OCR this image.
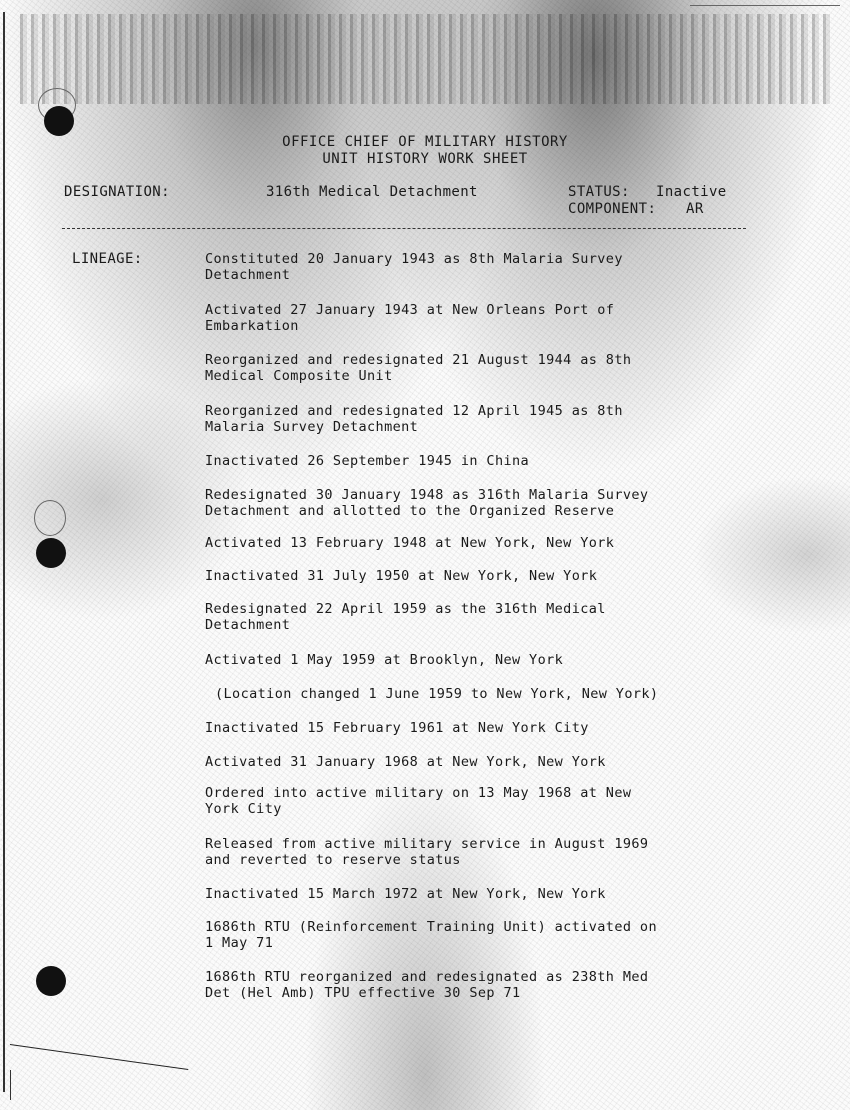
OFFICE CHIEF OF MILITARY HISTORY
UNIT HISTORY WORK SHEET
DESIGNATION:	316th Medical Detachment	STATUS: Inactive
COMPONENT: AR
LINEAGE:	Constituted 20 January 1943 as 8th Malaria Survey
Detachment
Activated 27 January 1943 at New Orleans Port of
Embarkation
Reorganized and redesignated 21 August 1944 as 8th
Medical Composite Unit
Reorganized and redesignated 12 April 1945 as 8th
Malaria Survey Detachment
Inactivated 26 September 1945 in China
Redesignated 30 January 1948 as 316th Malaria Survey
Detachment and allotted to the Organized Reserve
Activated 13 February 1948 at New York, New York
Inactivated 31 July 1950 at New York, New York
Redesignated 22 April 1959 as the 316th Medical
Detachment
Activated 1 May 1959 at Brooklyn, New York
(Location changed 1 June 1959 to New York, New York)
Inactivated 15 February 1961 at New York City
Activated 31 January 1968 at New York, New York
Ordered into active military on 13 May 1968 at New
York City
Released from active military service in August 1969
and reverted to reserve status
Inactivated 15 March 1972 at New York, New York
1686th RTU (Reinforcement Training Unit) activated on
1 May 71
1686th RTU reorganized and redesignated as 238th Med
Det (Hel Amb) TPU effective 30 Sep 71
